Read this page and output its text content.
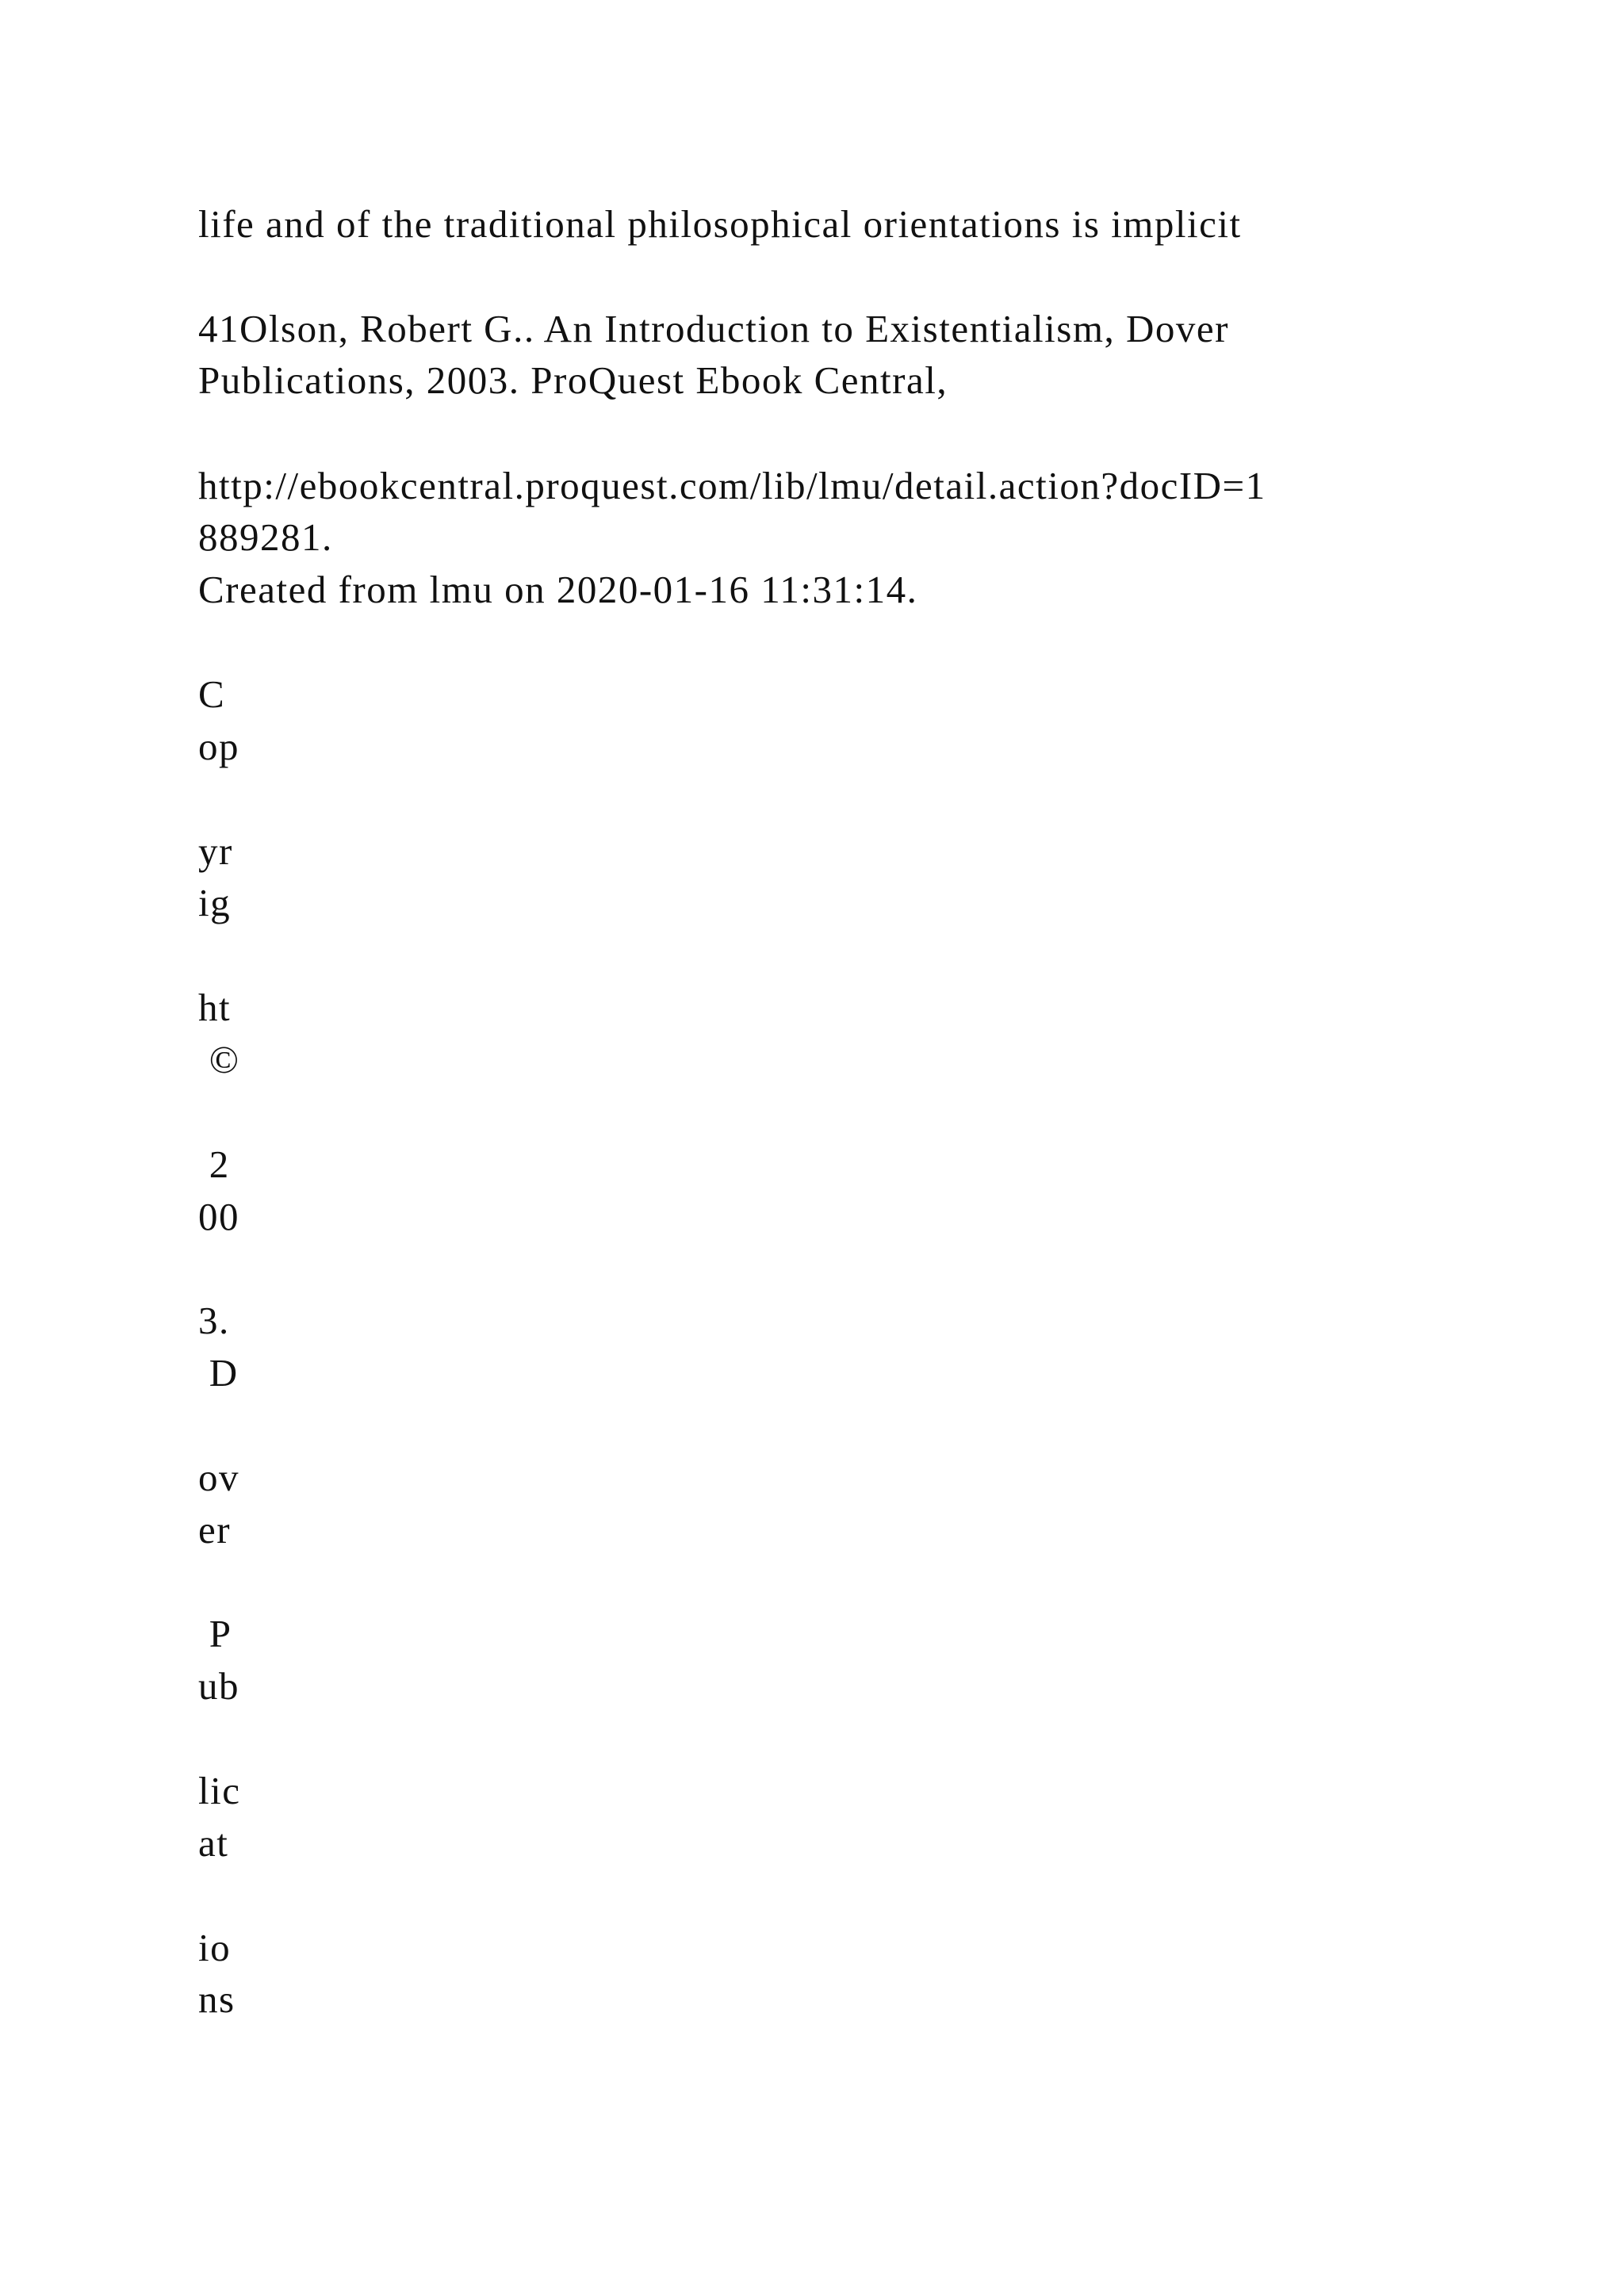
life and of the traditional philosophical orientations is implicit
41Olson, Robert G.. An Introduction to Existentialism, Dover
Publications, 2003. ProQuest Ebook Central,
http://ebookcentral.proquest.com/lib/lmu/detail.action?docID=1
889281.
Created from lmu on 2020-01-16 11:31:14.
C
op
yr
ig
ht
©
2
00
3.
D
ov
er
P
ub
lic
at
io
ns
